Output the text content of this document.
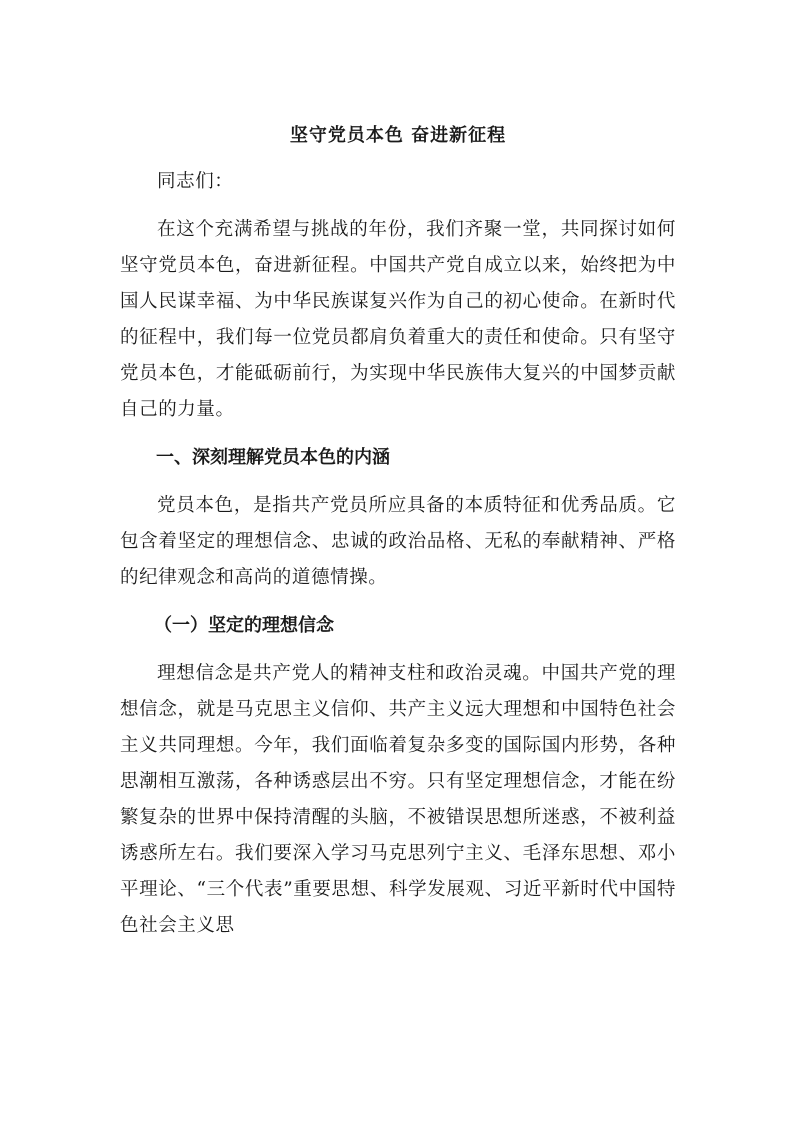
坚守党员本色 奋进新征程

同志们：

在这个充满希望与挑战的年份，我们齐聚一堂，共同探讨如何坚守党员本色，奋进新征程。中国共产党自成立以来，始终把为中国人民谋幸福、为中华民族谋复兴作为自己的初心使命。在新时代的征程中，我们每一位党员都肩负着重大的责任和使命。只有坚守党员本色，才能砥砺前行，为实现中华民族伟大复兴的中国梦贡献自己的力量。

一、深刻理解党员本色的内涵

党员本色，是指共产党员所应具备的本质特征和优秀品质。它包含着坚定的理想信念、忠诚的政治品格、无私的奉献精神、严格的纪律观念和高尚的道德情操。

（一）坚定的理想信念

理想信念是共产党人的精神支柱和政治灵魂。中国共产党的理想信念，就是马克思主义信仰、共产主义远大理想和中国特色社会主义共同理想。今年，我们面临着复杂多变的国际国内形势，各种思潮相互激荡，各种诱惑层出不穷。只有坚定理想信念，才能在纷繁复杂的世界中保持清醒的头脑，不被错误思想所迷惑，不被利益诱惑所左右。我们要深入学习马克思列宁主义、毛泽东思想、邓小平理论、“三个代表”重要思想、科学发展观、习近平新时代中国特色社会主义思
